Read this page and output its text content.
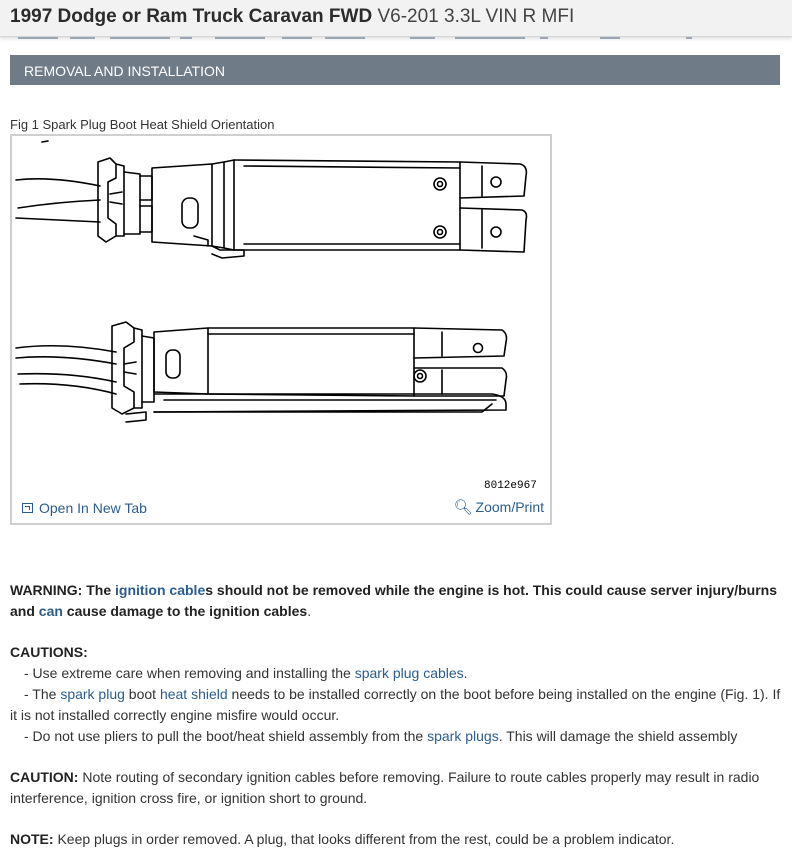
1997 Dodge or Ram Truck Caravan FWD V6-201 3.3L VIN R MFI
REMOVAL AND INSTALLATION
Fig 1 Spark Plug Boot Heat Shield Orientation
8012e967
Open In New Tab	🔍︎ Zoom/Print

WARNING: The ignition cables should not be removed while the engine is hot. This could cause server injury/burns and can cause damage to the ignition cables.

CAUTIONS:

- Use extreme care when removing and installing the spark plug cables.

- The spark plug boot heat shield needs to be installed correctly on the boot before being installed on the engine (Fig. 1). If it is not installed correctly engine misfire would occur.

- Do not use pliers to pull the boot/heat shield assembly from the spark plugs. This will damage the shield assembly

CAUTION: Note routing of secondary ignition cables before removing. Failure to route cables properly may result in radio interference, ignition cross fire, or ignition short to ground.

NOTE: Keep plugs in order removed. A plug, that looks different from the rest, could be a problem indicator.
